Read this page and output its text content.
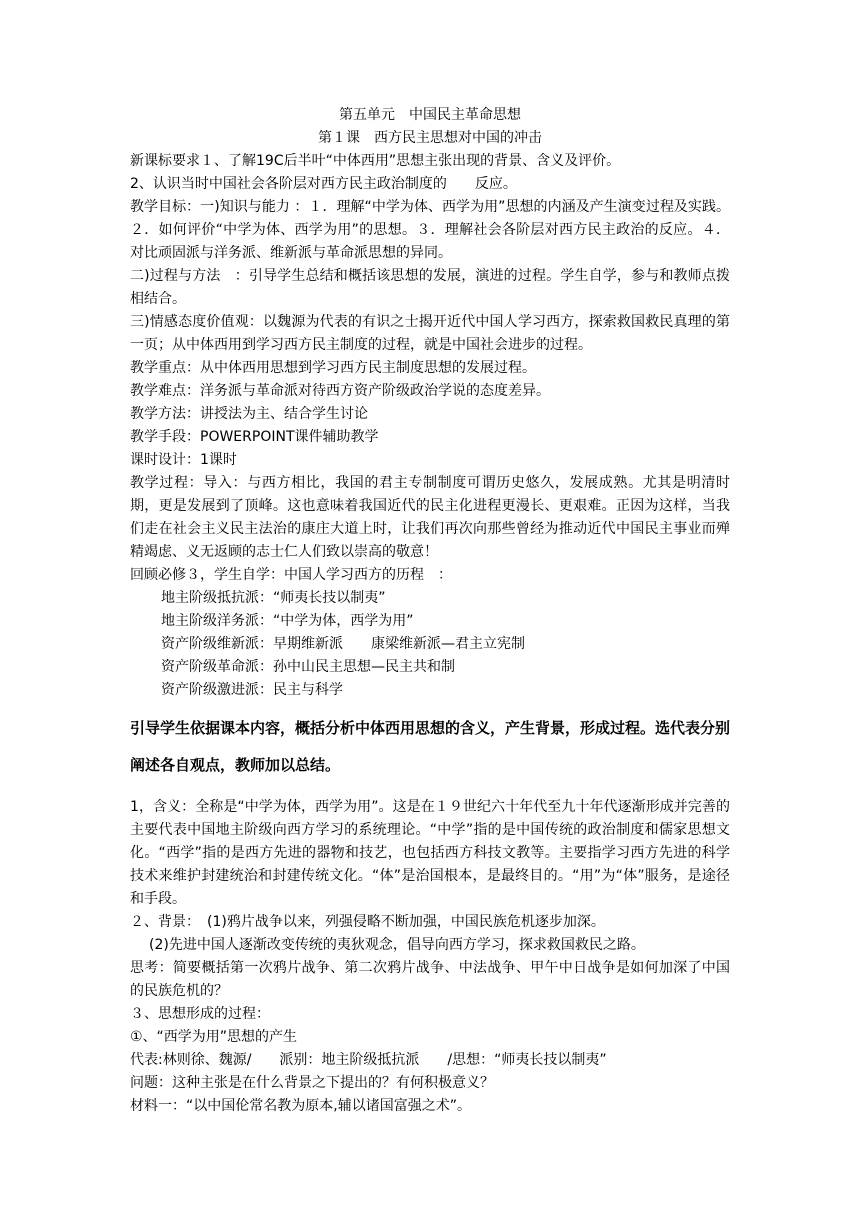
第五单元　中国民主革命思想

第１课　西方民主思想对中国的冲击

新课标要求１、了解19C后半叶“中体西用”思想主张出现的背景、含义及评价。

2、认识当时中国社会各阶层对西方民主政治制度的　　反应。

教学目标：一)知识与能力 ：１．理解“中学为体、西学为用”思想的内涵及产生演变过程及实践。２．如何评价“中学为体、西学为用”的思想。３．理解社会各阶层对西方民主政治的反应。４．对比顽固派与洋务派、维新派与革命派思想的异同。

二)过程与方法　：引导学生总结和概括该思想的发展，演进的过程。学生自学，参与和教师点拨相结合。

三)情感态度价值观：以魏源为代表的有识之士揭开近代中国人学习西方，探索救国救民真理的第一页；从中体西用到学习西方民主制度的过程，就是中国社会进步的过程。

教学重点：从中体西用思想到学习西方民主制度思想的发展过程。

教学难点：洋务派与革命派对待西方资产阶级政治学说的态度差异。

教学方法：讲授法为主、结合学生讨论

教学手段：POWERPOINT课件辅助教学

课时设计：1课时

教学过程：导入：与西方相比，我国的君主专制制度可谓历史悠久，发展成熟。尤其是明清时期，更是发展到了顶峰。这也意味着我国近代的民主化进程更漫长、更艰难。正因为这样，当我们走在社会主义民主法治的康庄大道上时，让我们再次向那些曾经为推动近代中国民主事业而殚精竭虑、义无返顾的志士仁人们致以崇高的敬意！

回顾必修３，学生自学：中国人学习西方的历程　：

地主阶级抵抗派：“师夷长技以制夷”

地主阶级洋务派：“中学为体，西学为用”

资产阶级维新派：早期维新派　　康梁维新派—君主立宪制

资产阶级革命派：孙中山民主思想—民主共和制

资产阶级激进派：民主与科学

引导学生依据课本内容，概括分析中体西用思想的含义，产生背景，形成过程。选代表分别阐述各自观点，教师加以总结。

1，含义：全称是“中学为体，西学为用”。这是在１９世纪六十年代至九十年代逐渐形成并完善的主要代表中国地主阶级向西方学习的系统理论。“中学”指的是中国传统的政治制度和儒家思想文化。“西学”指的是西方先进的器物和技艺，也包括西方科技文教等。主要指学习西方先进的科学技术来维护封建统治和封建传统文化。“体”是治国根本，是最终目的。“用”为“体”服务，是途径和手段。

２、背景：　(1)鸦片战争以来，列强侵略不断加强，中国民族危机逐步加深。

(2)先进中国人逐渐改变传统的夷狄观念，倡导向西方学习，探求救国救民之路。

思考：简要概括第一次鸦片战争、第二次鸦片战争、中法战争、甲午中日战争是如何加深了中国的民族危机的？

３、思想形成的过程：

①、“西学为用”思想的产生

代表:林则徐、魏源/　　派别：地主阶级抵抗派　　/思想：“师夷长技以制夷”

问题：这种主张是在什么背景之下提出的？有何积极意义？

材料一：“以中国伦常名教为原本,辅以诸国富强之术”。
